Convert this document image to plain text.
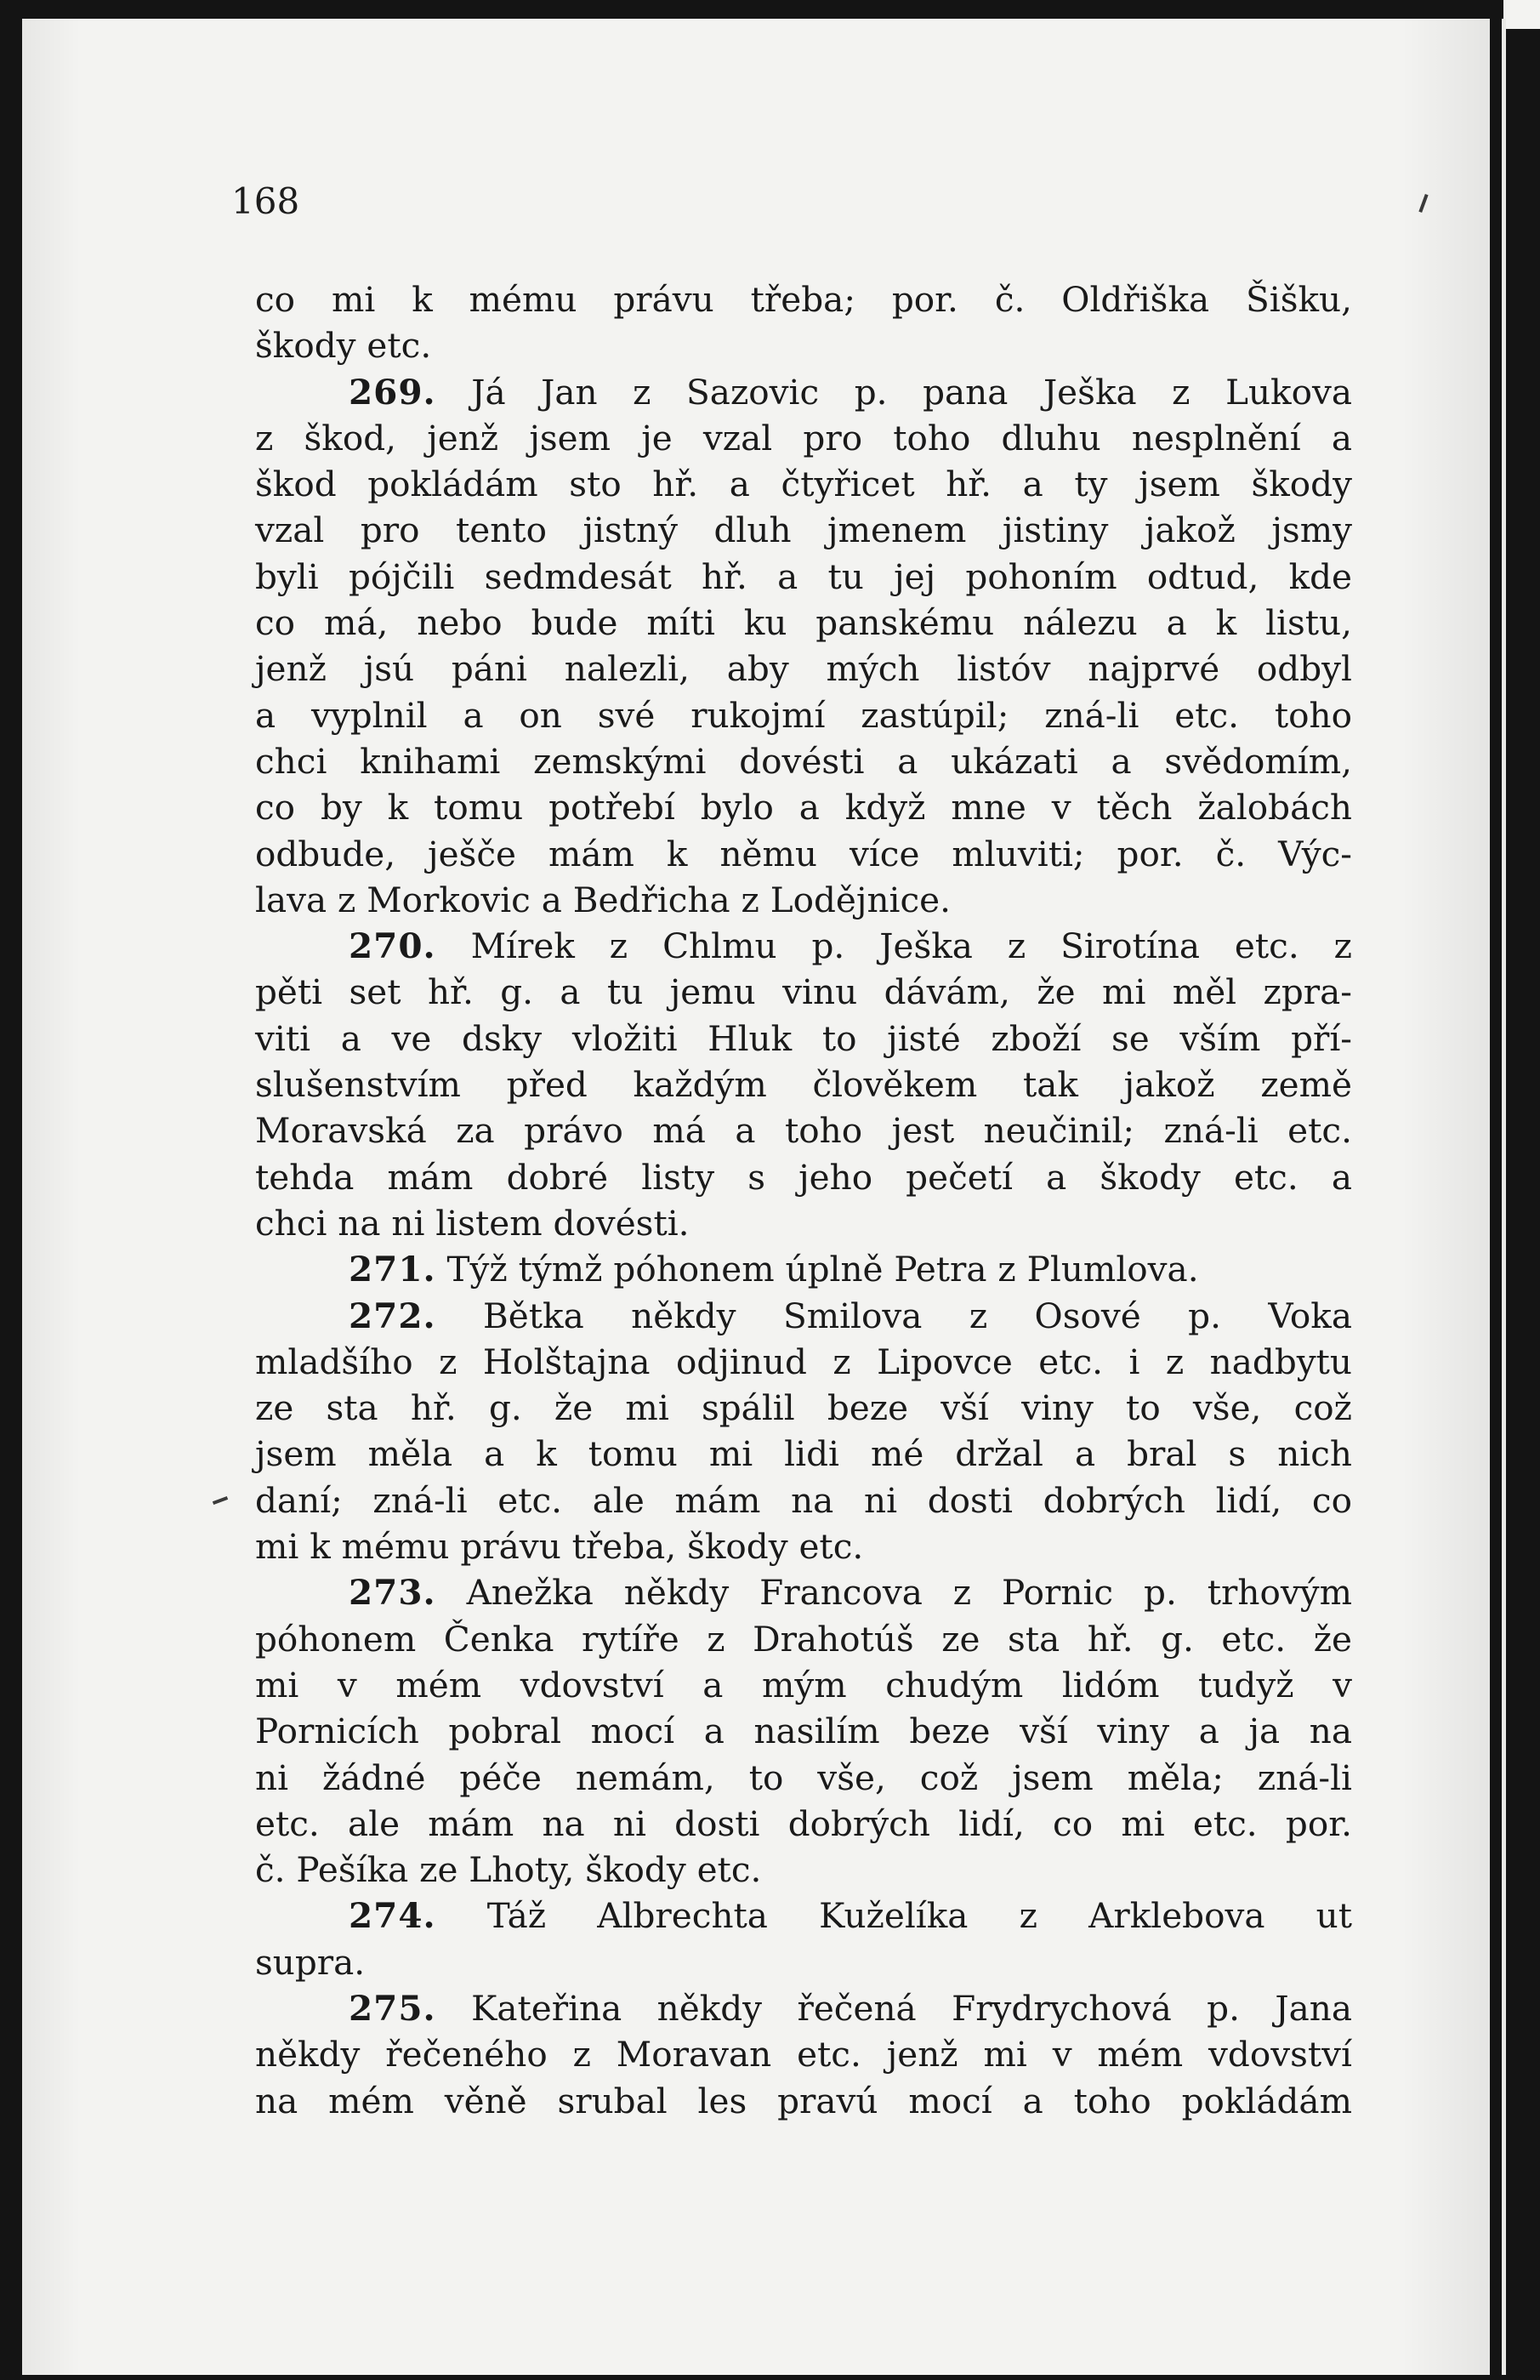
168

co mi k mému právu třeba; por. č. Oldřiška Šišku,
škody etc.
269. Já Jan z Sazovic p. pana Ješka z Lukova
z škod, jenž jsem je vzal pro toho dluhu nesplnění a
škod pokládám sto hř. a čtyřicet hř. a ty jsem škody
vzal pro tento jistný dluh jmenem jistiny jakož jsmy
byli pójčili sedmdesát hř. a tu jej pohoním odtud, kde
co má, nebo bude míti ku panskému nálezu a k listu,
jenž jsú páni nalezli, aby mých listóv najprvé odbyl
a vyplnil a on své rukojmí zastúpil; zná-li etc. toho
chci knihami zemskými dovésti a ukázati a svědomím,
co by k tomu potřebí bylo a když mne v těch žalobách
odbude, ješče mám k němu více mluviti; por. č. Výc-
lava z Morkovic a Bedřicha z Lodějnice.
270. Mírek z Chlmu p. Ješka z Sirotína etc. z
pěti set hř. g. a tu jemu vinu dávám, že mi měl zpra-
viti a ve dsky vložiti Hluk to jisté zboží se vším pří-
slušenstvím před každým člověkem tak jakož země
Moravská za právo má a toho jest neučinil; zná-li etc.
tehda mám dobré listy s jeho pečetí a škody etc. a
chci na ni listem dovésti.
271. Týž týmž póhonem úplně Petra z Plumlova.
272. Bětka někdy Smilova z Osové p. Voka
mladšího z Holštajna odjinud z Lipovce etc. i z nadbytu
ze sta hř. g. že mi spálil beze vší viny to vše, což
jsem měla a k tomu mi lidi mé držal a bral s nich
daní; zná-li etc. ale mám na ni dosti dobrých lidí, co
mi k mému právu třeba, škody etc.
273. Anežka někdy Francova z Pornic p. trhovým
póhonem Čenka rytíře z Drahotúš ze sta hř. g. etc. že
mi v mém vdovství a mým chudým lidóm tudyž v
Pornicích pobral mocí a nasilím beze vší viny a ja na
ni žádné péče nemám, to vše, což jsem měla; zná-li
etc. ale mám na ni dosti dobrých lidí, co mi etc. por.
č. Pešíka ze Lhoty, škody etc.
274. Táž Albrechta Kuželíka z Arklebova ut
supra.
275. Kateřina někdy řečená Frydrychová p. Jana
někdy řečeného z Moravan etc. jenž mi v mém vdovství
na mém věně srubal les pravú mocí a toho pokládám
